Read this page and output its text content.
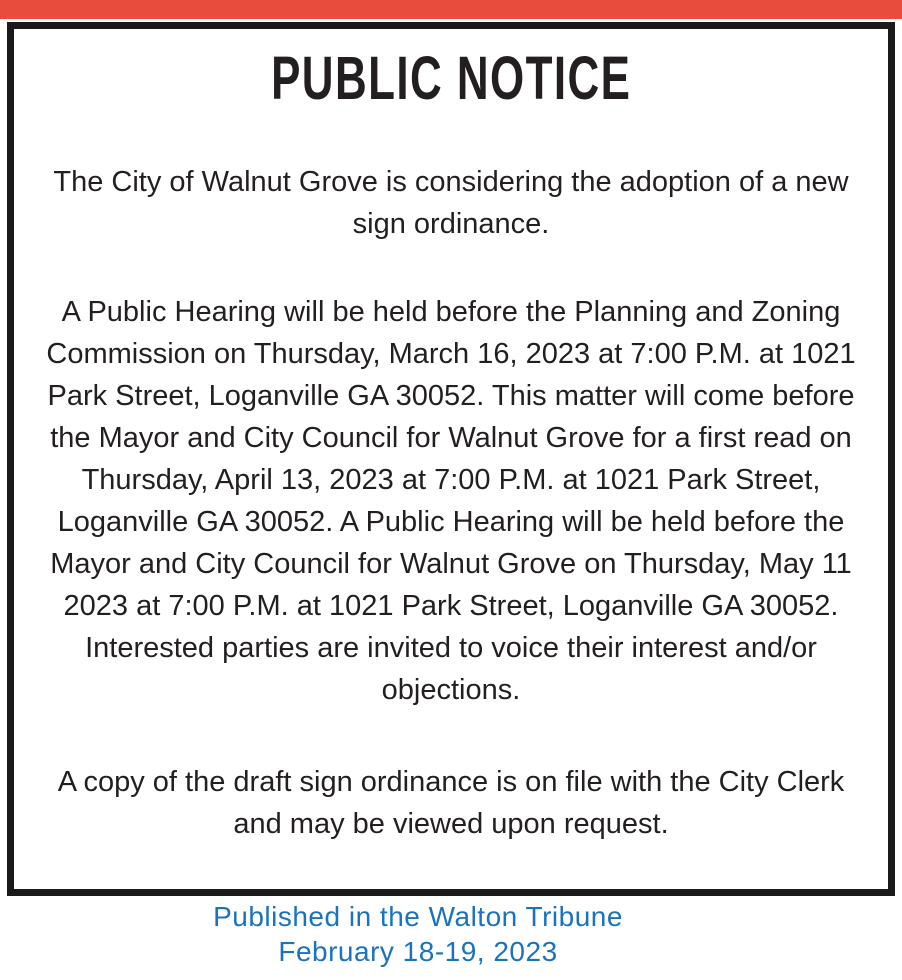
PUBLIC NOTICE

The City of Walnut Grove is considering the adoption of a new sign ordinance.

A Public Hearing will be held before the Planning and Zoning Commission on Thursday, March 16, 2023 at 7:00 P.M. at 1021 Park Street, Loganville GA 30052. This matter will come before the Mayor and City Council for Walnut Grove for a first read on Thursday, April 13, 2023 at 7:00 P.M. at 1021 Park Street, Loganville GA 30052. A Public Hearing will be held before the Mayor and City Council for Walnut Grove on Thursday, May 11 2023 at 7:00 P.M. at 1021 Park Street, Loganville GA 30052. Interested parties are invited to voice their interest and/or objections.

A copy of the draft sign ordinance is on file with the City Clerk and may be viewed upon request.

Published in the Walton Tribune
February 18-19, 2023
